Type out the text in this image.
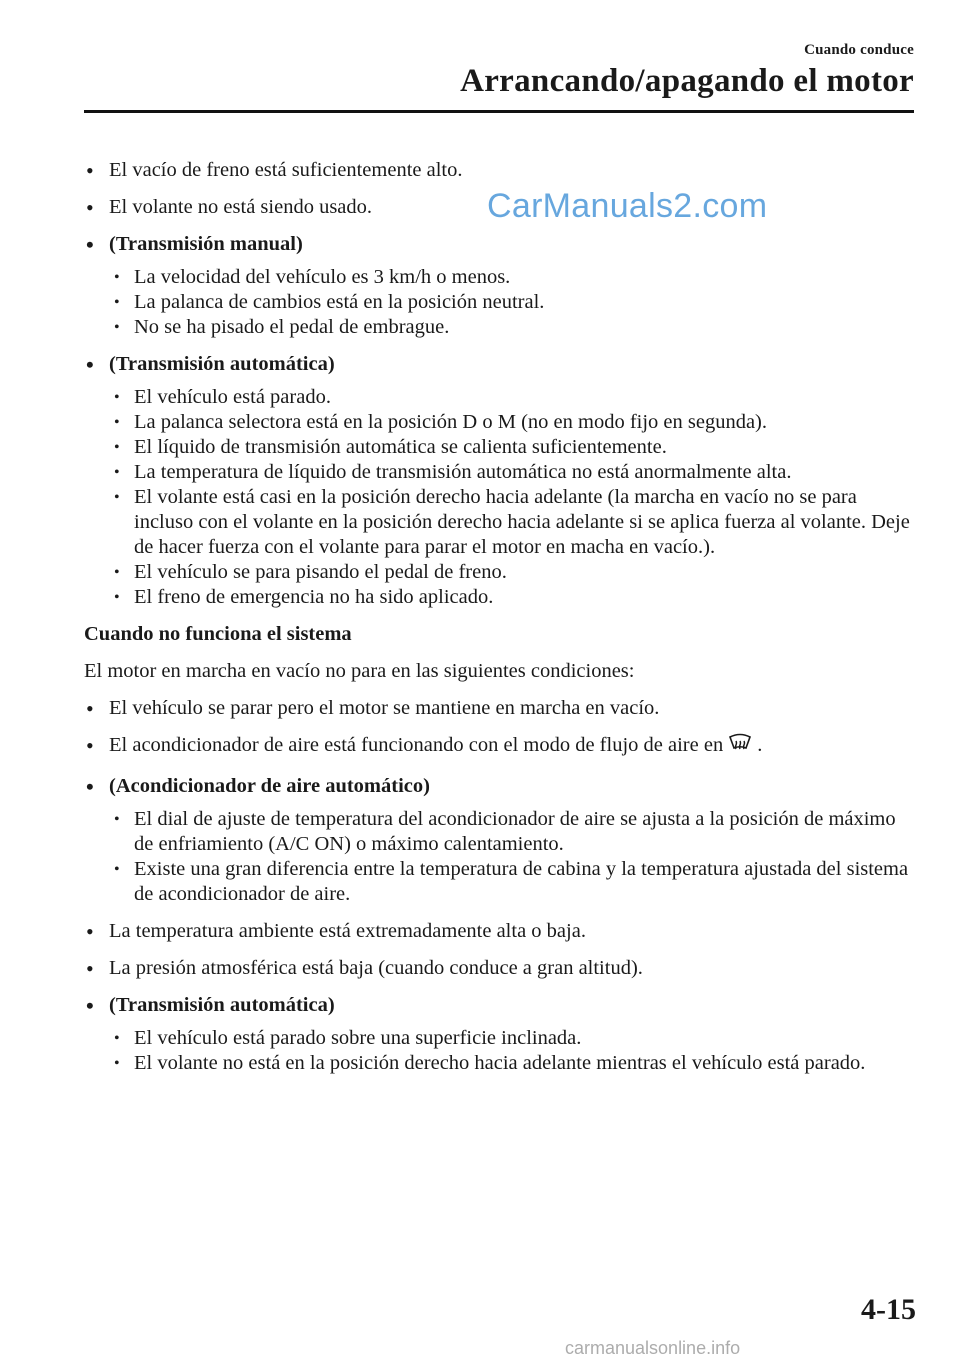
Cuando conduce
Arrancando/apagando el motor
CarManuals2.com
• El vacío de freno está suficientemente alto.
• El volante no está siendo usado.
• (Transmisión manual)
• La velocidad del vehículo es 3 km/h o menos.
• La palanca de cambios está en la posición neutral.
• No se ha pisado el pedal de embrague.
• (Transmisión automática)
• El vehículo está parado.
• La palanca selectora está en la posición D o M (no en modo fijo en segunda).
• El líquido de transmisión automática se calienta suficientemente.
• La temperatura de líquido de transmisión automática no está anormalmente alta.
• El volante está casi en la posición derecho hacia adelante (la marcha en vacío no se para incluso con el volante en la posición derecho hacia adelante si se aplica fuerza al volante. Deje de hacer fuerza con el volante para parar el motor en macha en vacío.).
• El vehículo se para pisando el pedal de freno.
• El freno de emergencia no ha sido aplicado.
Cuando no funciona el sistema
El motor en marcha en vacío no para en las siguientes condiciones:
• El vehículo se parar pero el motor se mantiene en marcha en vacío.
• El acondicionador de aire está funcionando con el modo de flujo de aire en .
• (Acondicionador de aire automático)
• El dial de ajuste de temperatura del acondicionador de aire se ajusta a la posición de máximo de enfriamiento (A/C ON) o máximo calentamiento.
• Existe una gran diferencia entre la temperatura de cabina y la temperatura ajustada del sistema de acondicionador de aire.
• La temperatura ambiente está extremadamente alta o baja.
• La presión atmosférica está baja (cuando conduce a gran altitud).
• (Transmisión automática)
• El vehículo está parado sobre una superficie inclinada.
• El volante no está en la posición derecho hacia adelante mientras el vehículo está parado.
4-15
carmanualsonline.info
